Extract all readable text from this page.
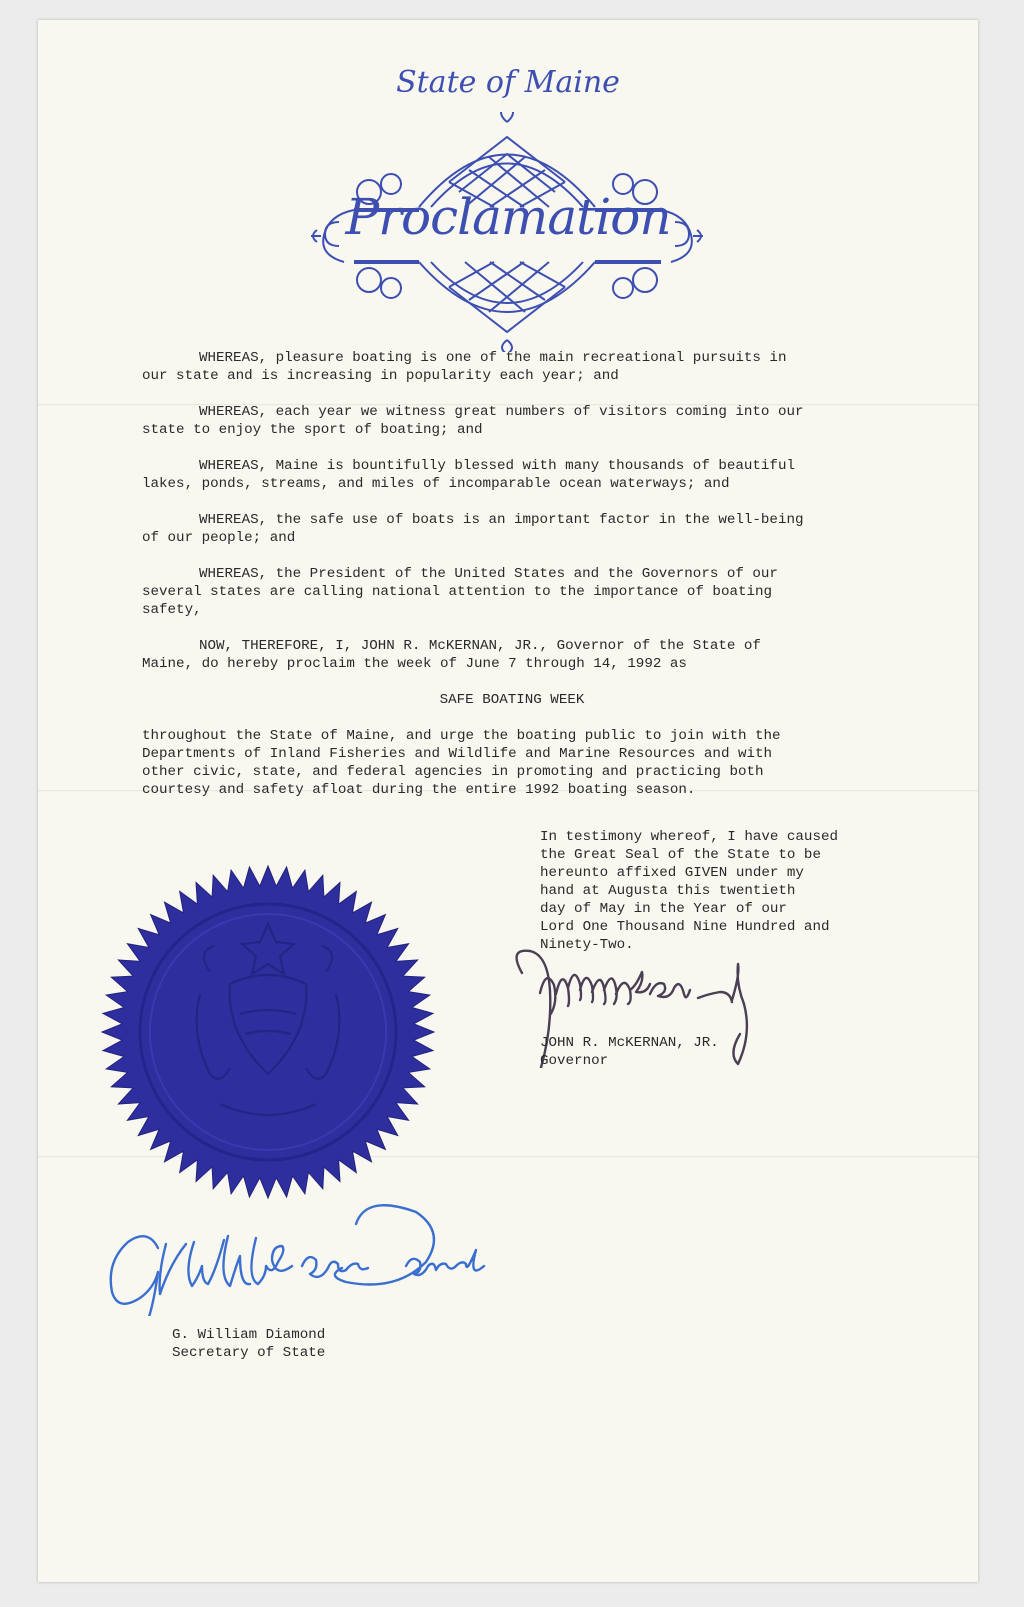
State of Maine
Proclamation
WHEREAS, pleasure boating is one of the main recreational pursuits in
our state and is increasing in popularity each year; and
WHEREAS, each year we witness great numbers of visitors coming into our
state to enjoy the sport of boating; and
WHEREAS, Maine is bountifully blessed with many thousands of beautiful
lakes, ponds, streams, and miles of incomparable ocean waterways; and
WHEREAS, the safe use of boats is an important factor in the well-being
of our people; and
WHEREAS, the President of the United States and the Governors of our
several states are calling national attention to the importance of boating
safety,
NOW, THEREFORE, I, JOHN R. McKERNAN, JR., Governor of the State of
Maine, do hereby proclaim the week of June 7 through 14, 1992 as
SAFE BOATING WEEK
throughout the State of Maine, and urge the boating public to join with the
Departments of Inland Fisheries and Wildlife and Marine Resources and with
other civic, state, and federal agencies in promoting and practicing both
courtesy and safety afloat during the entire 1992 boating season.
In testimony whereof, I have caused
the Great Seal of the State to be
hereunto affixed GIVEN under my
hand at Augusta this twentieth
day of May in the Year of our
Lord One Thousand Nine Hundred and
Ninety-Two.
JOHN R. McKERNAN, JR.
Governor
G. William Diamond
Secretary of State
